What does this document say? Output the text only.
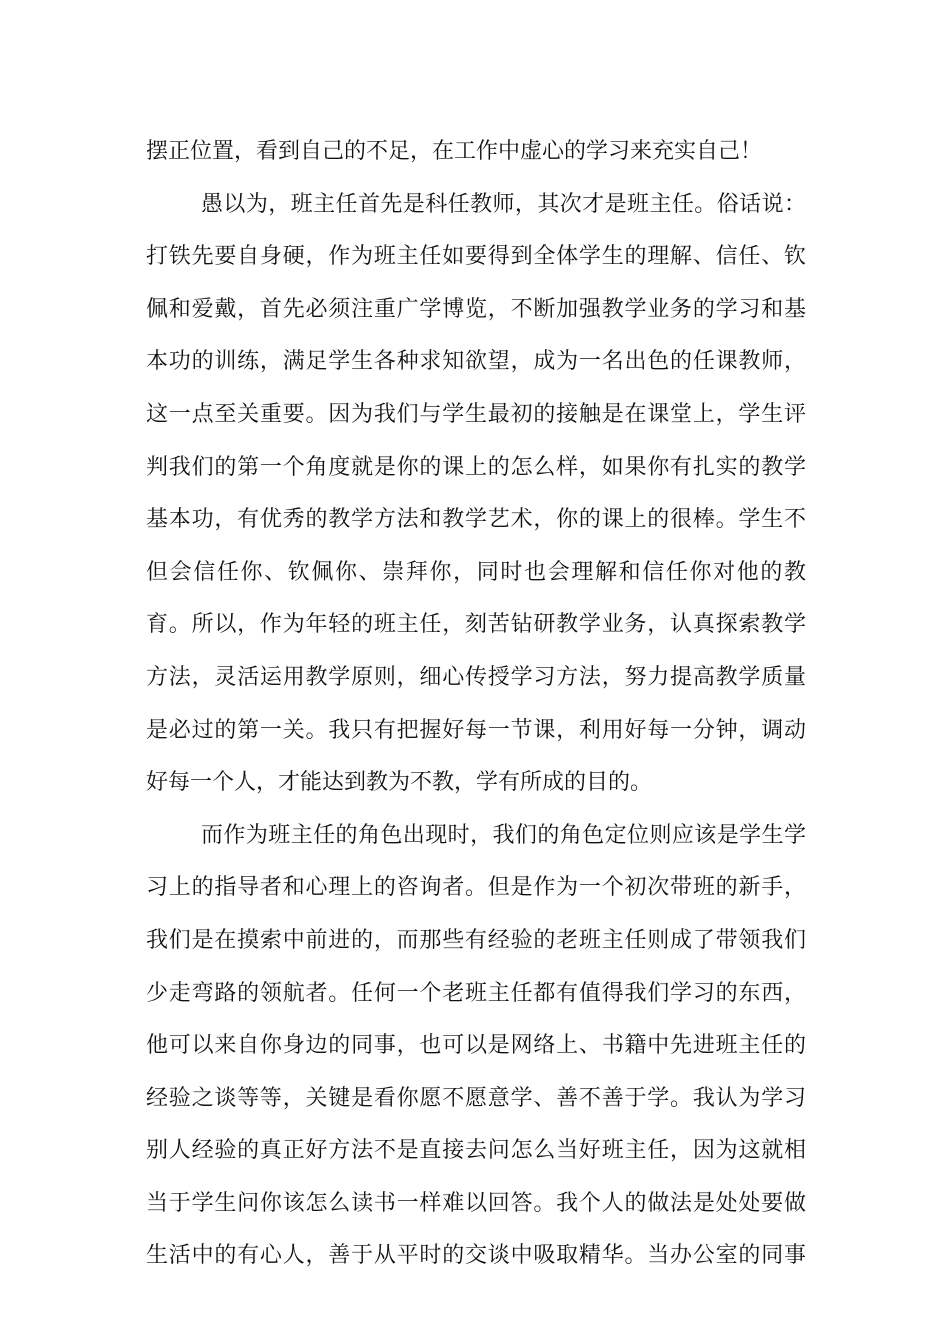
摆正位置，看到自己的不足，在工作中虚心的学习来充实自己！
愚以为，班主任首先是科任教师，其次才是班主任。俗话说：
打铁先要自身硬，作为班主任如要得到全体学生的理解、信任、钦
佩和爱戴，首先必须注重广学博览，不断加强教学业务的学习和基
本功的训练，满足学生各种求知欲望，成为一名出色的任课教师，
这一点至关重要。因为我们与学生最初的接触是在课堂上，学生评
判我们的第一个角度就是你的课上的怎么样，如果你有扎实的教学
基本功，有优秀的教学方法和教学艺术，你的课上的很棒。学生不
但会信任你、钦佩你、崇拜你，同时也会理解和信任你对他的教
育。所以，作为年轻的班主任，刻苦钻研教学业务，认真探索教学
方法，灵活运用教学原则，细心传授学习方法，努力提高教学质量
是必过的第一关。我只有把握好每一节课，利用好每一分钟，调动
好每一个人，才能达到教为不教，学有所成的目的。
而作为班主任的角色出现时，我们的角色定位则应该是学生学
习上的指导者和心理上的咨询者。但是作为一个初次带班的新手，
我们是在摸索中前进的，而那些有经验的老班主任则成了带领我们
少走弯路的领航者。任何一个老班主任都有值得我们学习的东西，
他可以来自你身边的同事，也可以是网络上、书籍中先进班主任的
经验之谈等等，关键是看你愿不愿意学、善不善于学。我认为学习
别人经验的真正好方法不是直接去问怎么当好班主任，因为这就相
当于学生问你该怎么读书一样难以回答。我个人的做法是处处要做
生活中的有心人，善于从平时的交谈中吸取精华。当办公室的同事
